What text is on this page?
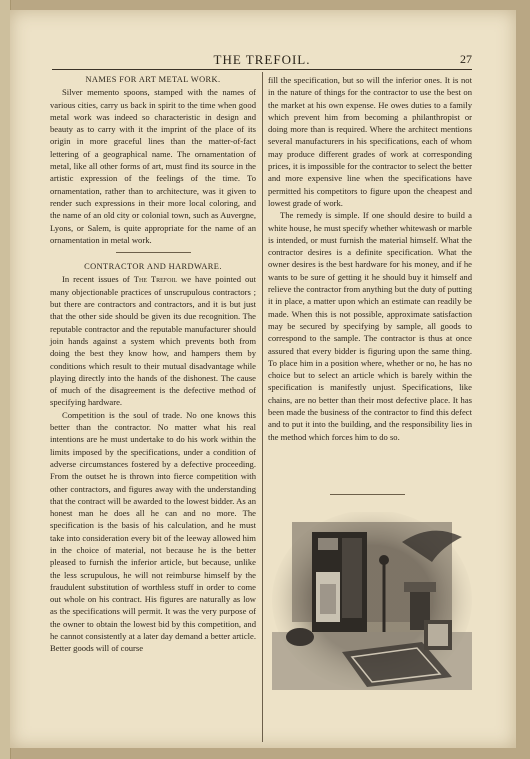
THE TREFOIL.	27

NAMES FOR ART METAL WORK.

Silver memento spoons, stamped with the names of various cities, carry us back in spirit to the time when good metal work was indeed so characteristic in design and beauty as to carry with it the imprint of the place of its origin in more graceful lines than the matter-of-fact lettering of a geographical name. The ornamentation of metal, like all other forms of art, must find its source in the artistic expression of the feelings of the time. To ornamentation, rather than to architecture, was it given to render such expressions in their more local coloring, and the name of an old city or colonial town, such as Auvergne, Lyons, or Salem, is quite appropriate for the name of an ornamentation in metal work.

CONTRACTOR AND HARDWARE.

In recent issues of The Trefoil we have pointed out many objectionable practices of unscrupulous contractors ; but there are contractors and contractors, and it is but just that the other side should be given its due recognition. The reputable contractor and the reputable manufacturer should join hands against a system which prevents both from doing the best they know how, and hampers them by conditions which result to their mutual disadvantage while playing directly into the hands of the dishonest. The cause of much of the disagreement is the defective method of specifying hardware.

Competition is the soul of trade. No one knows this better than the contractor. No matter what his real intentions are he must undertake to do his work within the limits imposed by the specifications, under a condition of adverse circumstances fostered by a defective proceeding. From the outset he is thrown into fierce competition with other contractors, and figures away with the understanding that the contract will be awarded to the lowest bidder. As an honest man he does all he can and no more. The specification is the basis of his calculation, and he must take into consideration every bit of the leeway allowed him in the choice of material, not because he is the better pleased to furnish the inferior article, but because, unlike the less scrupulous, he will not reimburse himself by the fraudulent substitution of worthless stuff in order to come out whole on his contract. His figures are naturally as low as the specifications will permit. It was the very purpose of the owner to obtain the lowest bid by this competition, and he cannot consistently at a later day demand a better article. Better goods will of course

fill the specification, but so will the inferior ones. It is not in the nature of things for the contractor to use the best on the market at his own expense. He owes duties to a family which prevent him from becoming a philanthropist or doing more than is required. Where the architect mentions several manufacturers in his specifications, each of whom may produce different grades of work at corresponding prices, it is impossible for the contractor to select the better and more expensive line when the specifications have permitted his competitors to figure upon the cheapest and lowest grade of work.

The remedy is simple. If one should desire to build a white house, he must specify whether whitewash or marble is intended, or must furnish the material himself. What the contractor desires is a definite specification. What the owner desires is the best hardware for his money, and if he wants to be sure of getting it he should buy it himself and relieve the contractor from anything but the duty of putting it in place, a matter upon which an estimate can readily be made. When this is not possible, approximate satisfaction may be secured by specifying by sample, all goods to correspond to the sample. The contractor is thus at once assured that every bidder is figuring upon the same thing. To place him in a position where, whether or no, he has no choice but to select an article which is barely within the specification is manifestly unjust. Specifications, like chains, are no better than their most defective place. It has been made the business of the contractor to find this defect and to put it into the building, and the responsibility lies in the method which forces him to do so.
